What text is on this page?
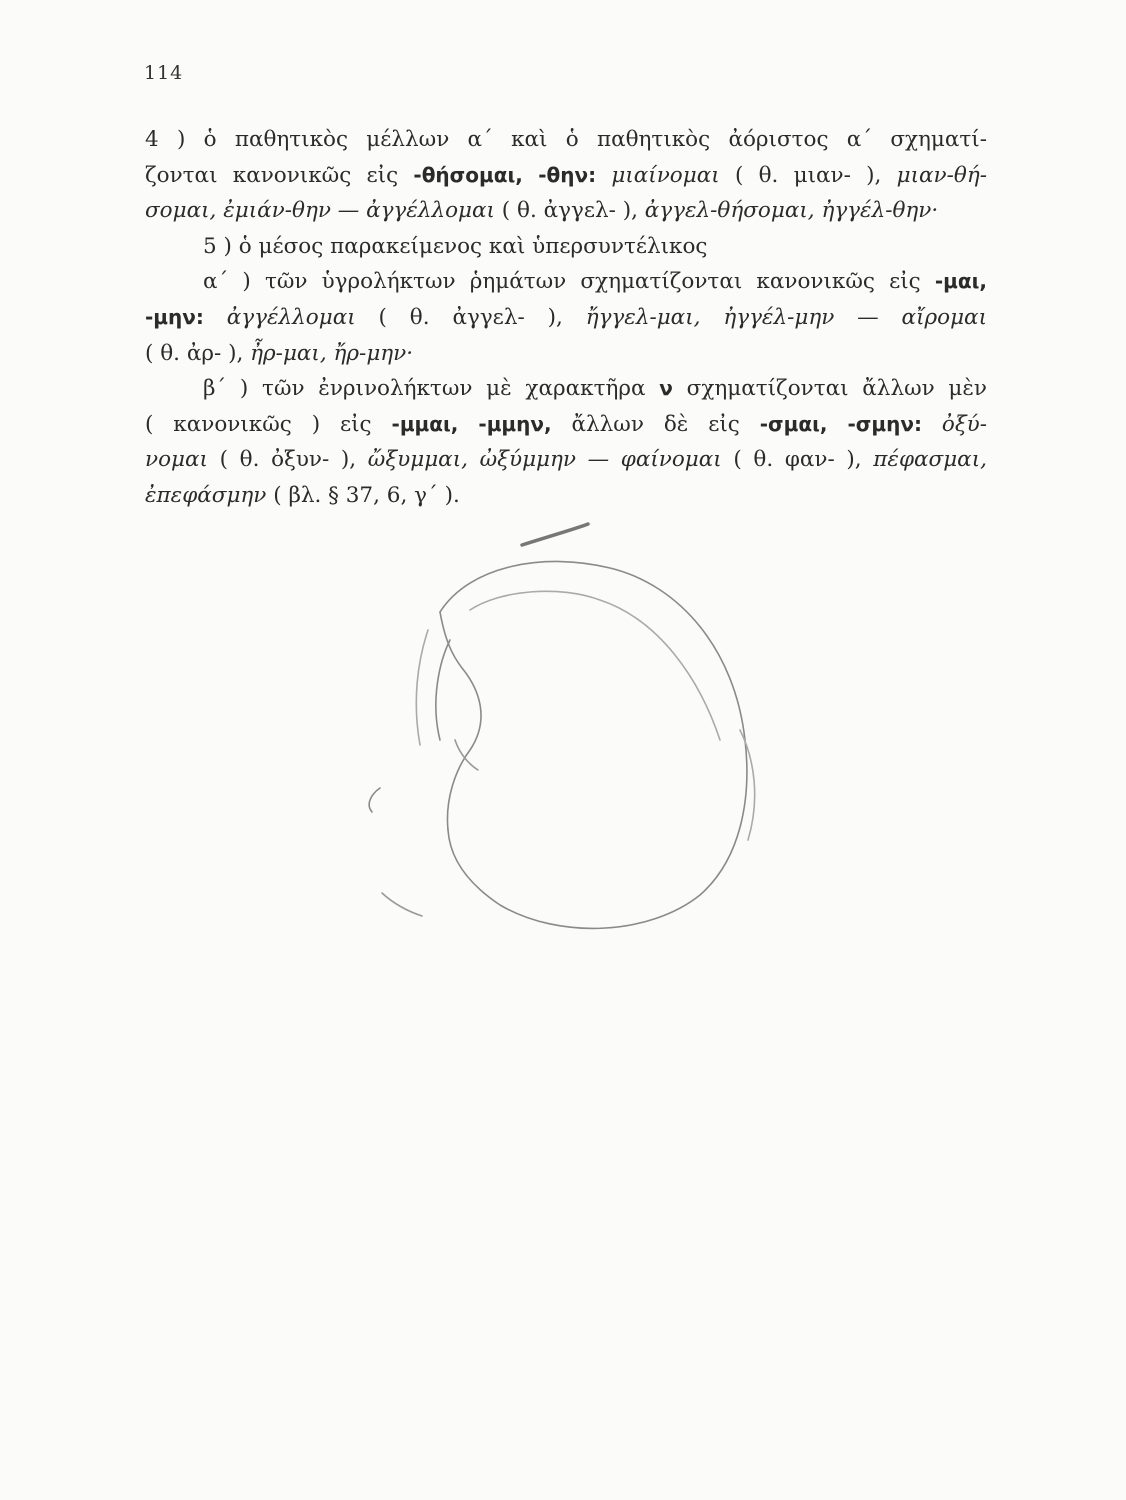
114
4 ) ὁ παθητικὸς μέλλων α΄ καὶ ὁ παθητικὸς ἀόριστος α΄ σχηματί-
ζονται κανονικῶς εἰς -θήσομαι, -θην: μιαίνομαι ( θ. μιαν- ), μιαν-θή-
σομαι, ἐμιάν-θην — ἀγγέλλομαι ( θ. ἀγγελ- ), ἀγγελ-θήσομαι, ἠγγέλ-θην·
5 ) ὁ μέσος παρακείμενος καὶ ὑπερσυντέλικος
α΄ ) τῶν ὑγρολήκτων ῥημάτων σχηματίζονται κανονικῶς εἰς -μαι,
-μην: ἀγγέλλομαι ( θ. ἀγγελ- ), ἤγγελ-μαι, ἠγγέλ-μην — αἴρομαι
( θ. ἀρ- ), ἦρ-μαι, ἤρ-μην·
β΄ ) τῶν ἐνρινολήκτων μὲ χαρακτῆρα ν σχηματίζονται ἄλλων μὲν
( κανονικῶς ) εἰς -μμαι, -μμην, ἄλλων δὲ εἰς -σμαι, -σμην: ὀξύ-
νομαι ( θ. ὀξυν- ), ὤξυμμαι, ὠξύμμην — φαίνομαι ( θ. φαν- ), πέφασμαι,
ἐπεφάσμην ( βλ. § 37, 6, γ΄ ).
